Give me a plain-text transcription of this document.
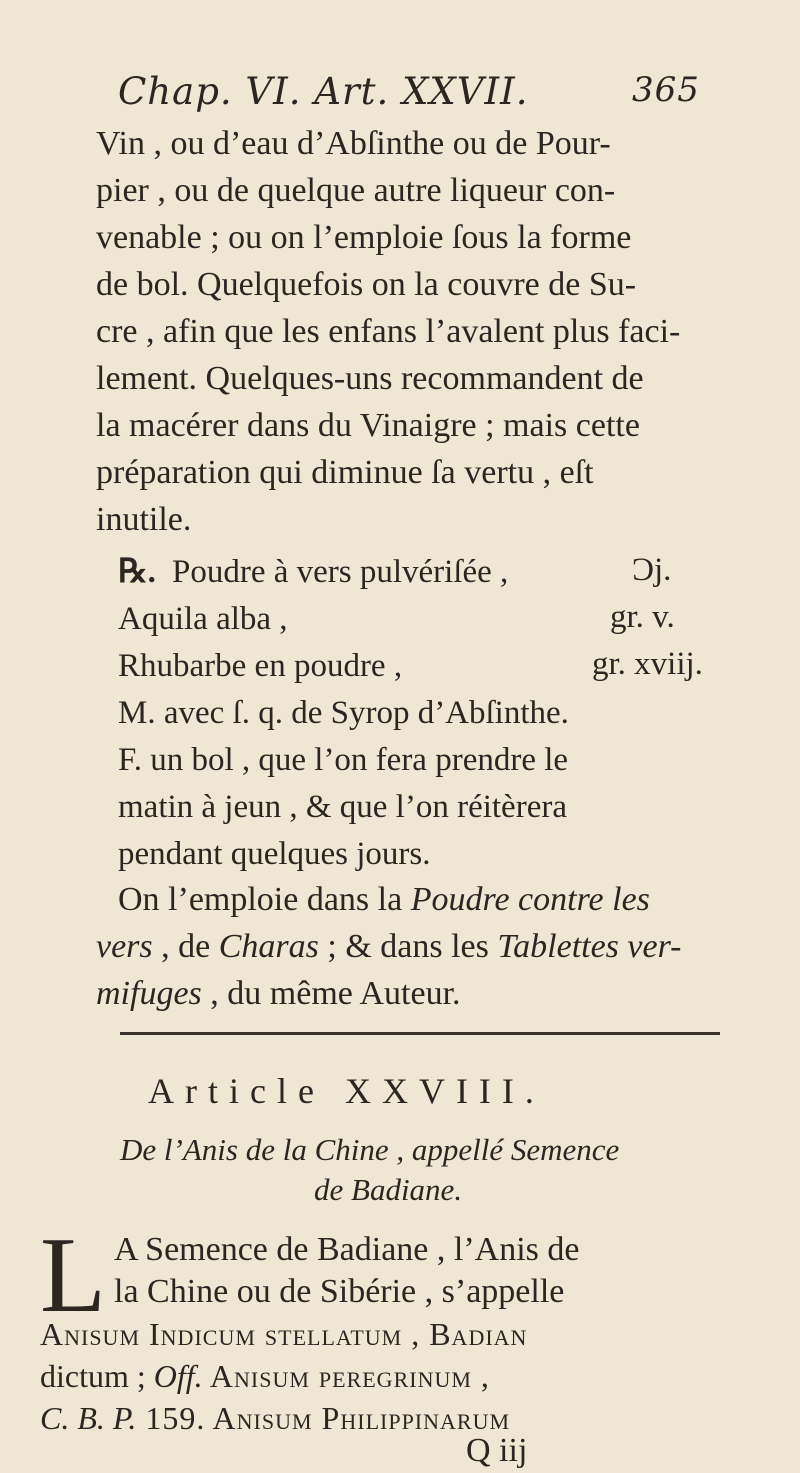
Chap. VI. Art. XXVII.	365
Vin , ou d’eau d’Abſinthe ou de Pour-
pier , ou de quelque autre liqueur con-
venable ; ou on l’emploie ſous la forme
de bol. Quelquefois on la couvre de Su-
cre , afin que les enfans l’avalent plus faci-
lement. Quelques-uns recommandent de
la macérer dans du Vinaigre ; mais cette
préparation qui diminue ſa vertu , eſt
inutile.
℞. Poudre à vers pulvériſée ,	Ɔj.
Aquila alba ,	gr. v.
Rhubarbe en poudre ,	gr. xviij.
M. avec ſ. q. de Syrop d’Abſinthe.
F. un bol , que l’on fera prendre le
matin à jeun , & que l’on réitèrera
pendant quelques jours.
On l’emploie dans la Poudre contre les
vers , de Charas ; & dans les Tablettes ver-
mifuges , du même Auteur.
Article XXVIII.
De l’Anis de la Chine , appellé Semence
de Badiane.
L A Semence de Badiane , l’Anis de
la Chine ou de Sibérie , s’appelle
Anisum Indicum stellatum , Badian
dictum ; Off. Anisum peregrinum ,
C. B. P. 159. Anisum Philippinarum
Q iij
